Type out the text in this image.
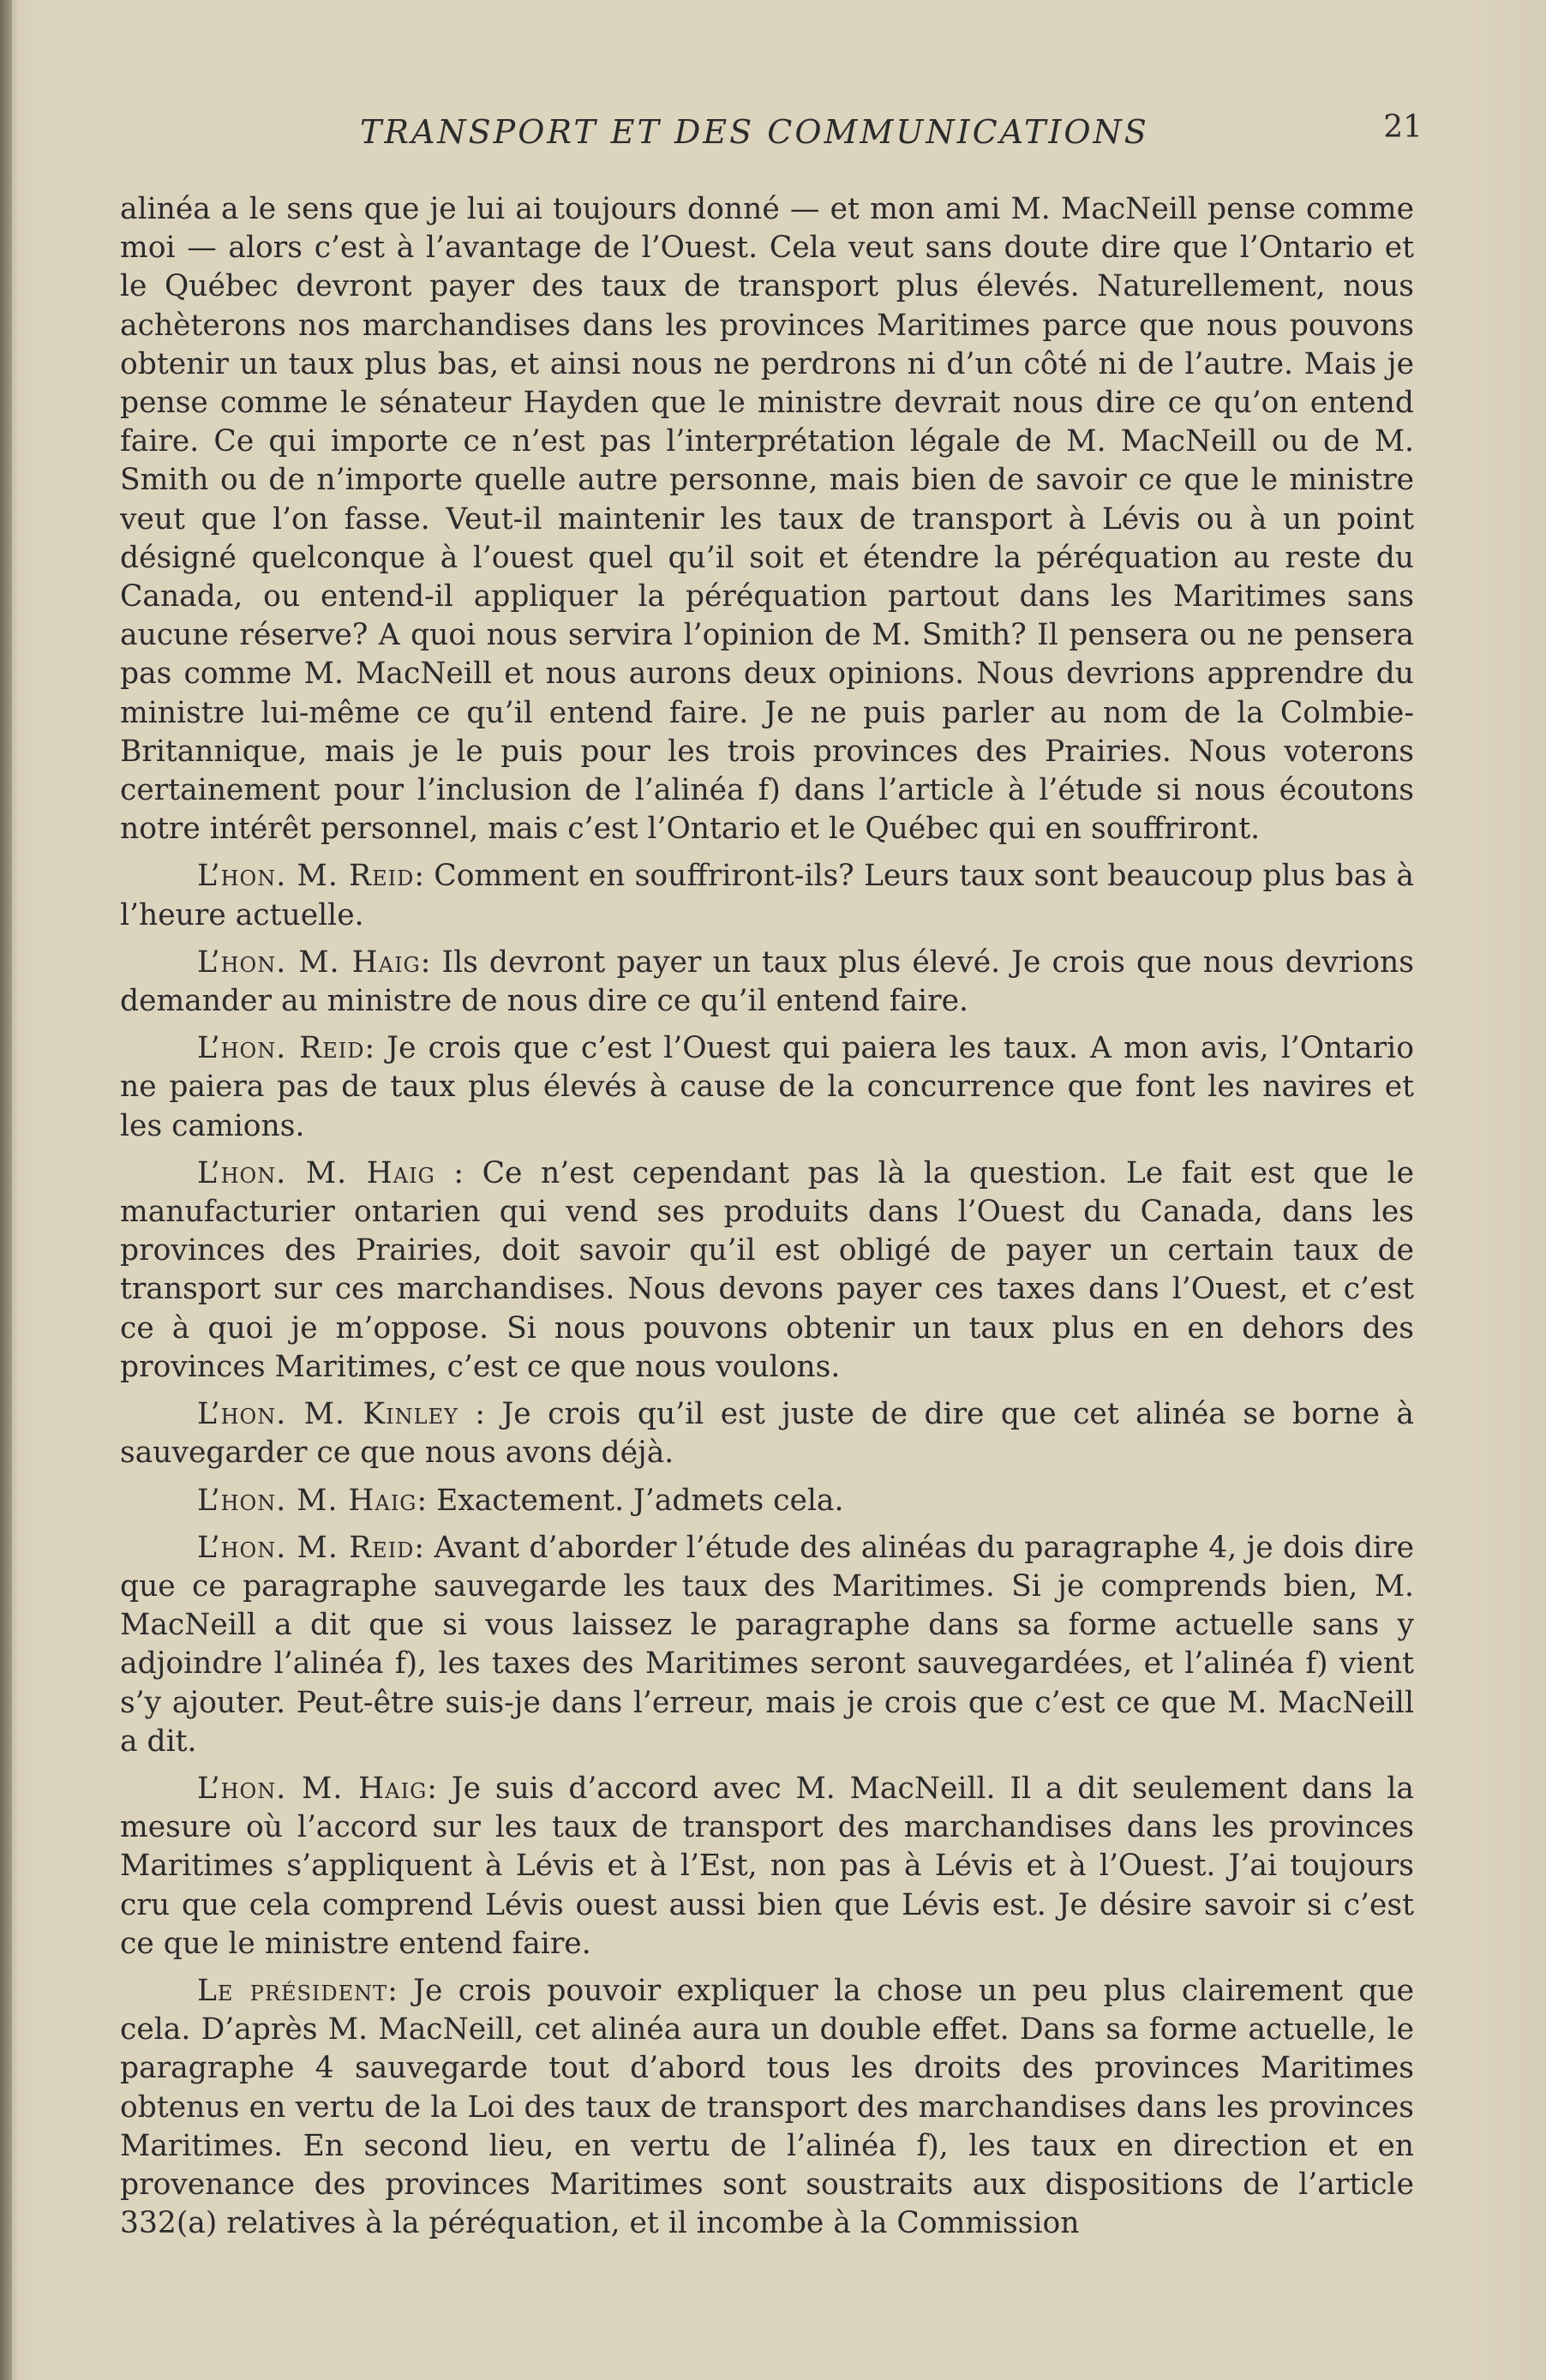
TRANSPORT ET DES COMMUNICATIONS	21

alinéa a le sens que je lui ai toujours donné — et mon ami M. MacNeill pense comme moi — alors c’est à l’avantage de l’Ouest. Cela veut sans doute dire que l’Ontario et le Québec devront payer des taux de transport plus élevés. Naturellement, nous achèterons nos marchandises dans les provinces Maritimes parce que nous pouvons obtenir un taux plus bas, et ainsi nous ne perdrons ni d’un côté ni de l’autre. Mais je pense comme le sénateur Hayden que le ministre devrait nous dire ce qu’on entend faire. Ce qui importe ce n’est pas l’interprétation légale de M. MacNeill ou de M. Smith ou de n’importe quelle autre personne, mais bien de savoir ce que le ministre veut que l’on fasse. Veut-il maintenir les taux de transport à Lévis ou à un point désigné quelconque à l’ouest quel qu’il soit et étendre la péréquation au reste du Canada, ou entend-il appliquer la péréquation partout dans les Maritimes sans aucune réserve? A quoi nous servira l’opinion de M. Smith? Il pensera ou ne pensera pas comme M. MacNeill et nous aurons deux opinions. Nous devrions apprendre du ministre lui-même ce qu’il entend faire. Je ne puis parler au nom de la Colmbie-Britannique, mais je le puis pour les trois provinces des Prairies. Nous voterons certainement pour l’inclusion de l’alinéa f) dans l’article à l’étude si nous écoutons notre intérêt personnel, mais c’est l’Ontario et le Québec qui en souffriront.

L’hon. M. Reid: Comment en souffriront-ils? Leurs taux sont beaucoup plus bas à l’heure actuelle.

L’hon. M. Haig: Ils devront payer un taux plus élevé. Je crois que nous devrions demander au ministre de nous dire ce qu’il entend faire.

L’hon. Reid: Je crois que c’est l’Ouest qui paiera les taux. A mon avis, l’Ontario ne paiera pas de taux plus élevés à cause de la concurrence que font les navires et les camions.

L’hon. M. Haig : Ce n’est cependant pas là la question. Le fait est que le manufacturier ontarien qui vend ses produits dans l’Ouest du Canada, dans les provinces des Prairies, doit savoir qu’il est obligé de payer un certain taux de transport sur ces marchandises. Nous devons payer ces taxes dans l’Ouest, et c’est ce à quoi je m’oppose. Si nous pouvons obtenir un taux plus en en dehors des provinces Maritimes, c’est ce que nous voulons.

L’hon. M. Kinley : Je crois qu’il est juste de dire que cet alinéa se borne à sauvegarder ce que nous avons déjà.

L’hon. M. Haig: Exactement. J’admets cela.

L’hon. M. Reid: Avant d’aborder l’étude des alinéas du paragraphe 4, je dois dire que ce paragraphe sauvegarde les taux des Maritimes. Si je comprends bien, M. MacNeill a dit que si vous laissez le paragraphe dans sa forme actuelle sans y adjoindre l’alinéa f), les taxes des Maritimes seront sauvegardées, et l’alinéa f) vient s’y ajouter. Peut-être suis-je dans l’erreur, mais je crois que c’est ce que M. MacNeill a dit.

L’hon. M. Haig: Je suis d’accord avec M. MacNeill. Il a dit seulement dans la mesure où l’accord sur les taux de transport des marchandises dans les provinces Maritimes s’appliquent à Lévis et à l’Est, non pas à Lévis et à l’Ouest. J’ai toujours cru que cela comprend Lévis ouest aussi bien que Lévis est. Je désire savoir si c’est ce que le ministre entend faire.

Le président: Je crois pouvoir expliquer la chose un peu plus clairement que cela. D’après M. MacNeill, cet alinéa aura un double effet. Dans sa forme actuelle, le paragraphe 4 sauvegarde tout d’abord tous les droits des provinces Maritimes obtenus en vertu de la Loi des taux de transport des marchandises dans les provinces Maritimes. En second lieu, en vertu de l’alinéa f), les taux en direction et en provenance des provinces Maritimes sont soustraits aux dispositions de l’article 332(a) relatives à la péréquation, et il incombe à la Commission
